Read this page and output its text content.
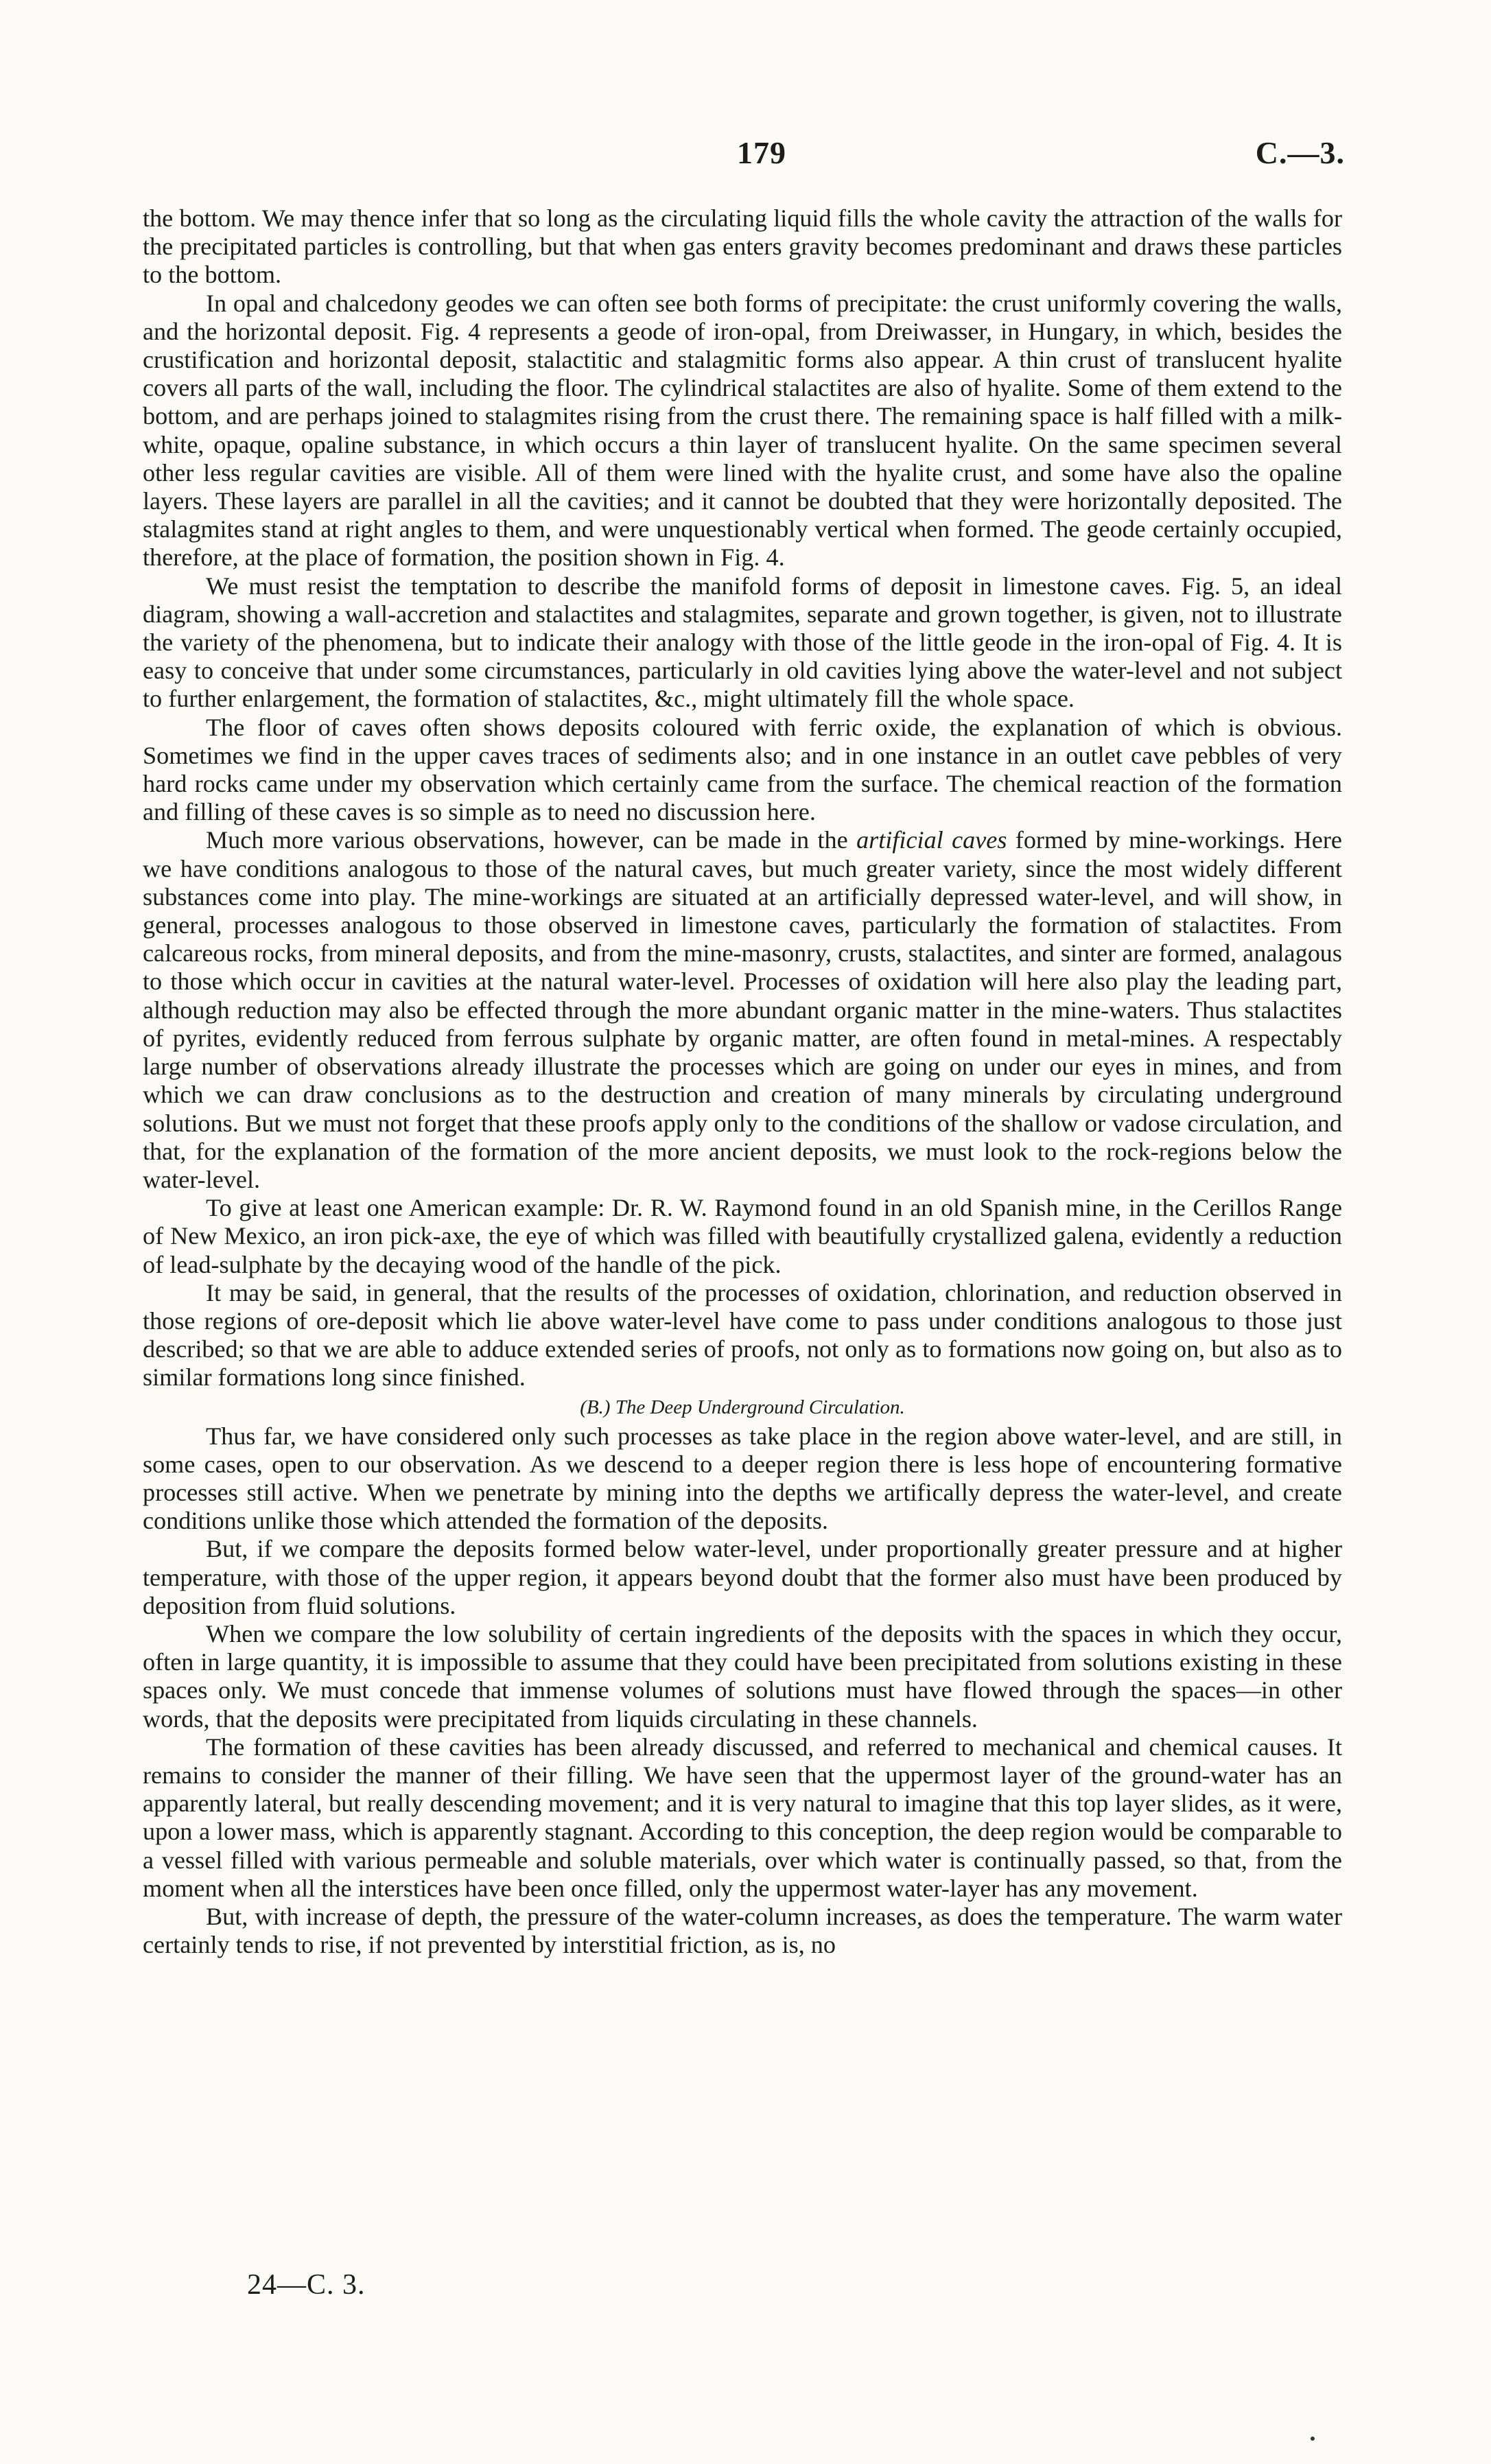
179	C.—3.

the bottom. We may thence infer that so long as the circulating liquid fills the whole cavity the attraction of the walls for the precipitated particles is controlling, but that when gas enters gravity becomes predominant and draws these particles to the bottom.

In opal and chalcedony geodes we can often see both forms of precipitate: the crust uniformly covering the walls, and the horizontal deposit. Fig. 4 represents a geode of iron-opal, from Dreiwasser, in Hungary, in which, besides the crustification and horizontal deposit, stalactitic and stalagmitic forms also appear. A thin crust of translucent hyalite covers all parts of the wall, including the floor. The cylindrical stalactites are also of hyalite. Some of them extend to the bottom, and are perhaps joined to stalagmites rising from the crust there. The remaining space is half filled with a milk-white, opaque, opaline substance, in which occurs a thin layer of translucent hyalite. On the same specimen several other less regular cavities are visible. All of them were lined with the hyalite crust, and some have also the opaline layers. These layers are parallel in all the cavities; and it cannot be doubted that they were horizontally deposited. The stalagmites stand at right angles to them, and were unquestionably vertical when formed. The geode certainly occupied, therefore, at the place of formation, the position shown in Fig. 4.

We must resist the temptation to describe the manifold forms of deposit in limestone caves. Fig. 5, an ideal diagram, showing a wall-accretion and stalactites and stalagmites, separate and grown together, is given, not to illustrate the variety of the phenomena, but to indicate their analogy with those of the little geode in the iron-opal of Fig. 4. It is easy to conceive that under some circumstances, particularly in old cavities lying above the water-level and not subject to further enlargement, the formation of stalactites, &c., might ultimately fill the whole space.

The floor of caves often shows deposits coloured with ferric oxide, the explanation of which is obvious. Sometimes we find in the upper caves traces of sediments also; and in one instance in an outlet cave pebbles of very hard rocks came under my observation which certainly came from the surface. The chemical reaction of the formation and filling of these caves is so simple as to need no discussion here.

Much more various observations, however, can be made in the artificial caves formed by mine-workings. Here we have conditions analogous to those of the natural caves, but much greater variety, since the most widely different substances come into play. The mine-workings are situated at an artificially depressed water-level, and will show, in general, processes analogous to those observed in limestone caves, particularly the formation of stalactites. From calcareous rocks, from mineral deposits, and from the mine-masonry, crusts, stalactites, and sinter are formed, analagous to those which occur in cavities at the natural water-level. Processes of oxidation will here also play the leading part, although reduction may also be effected through the more abundant organic matter in the mine-waters. Thus stalactites of pyrites, evidently reduced from ferrous sulphate by organic matter, are often found in metal-mines. A respectably large number of observations already illustrate the processes which are going on under our eyes in mines, and from which we can draw conclusions as to the destruction and creation of many minerals by circulating underground solutions. But we must not forget that these proofs apply only to the conditions of the shallow or vadose circulation, and that, for the explanation of the formation of the more ancient deposits, we must look to the rock-regions below the water-level.

To give at least one American example: Dr. R. W. Raymond found in an old Spanish mine, in the Cerillos Range of New Mexico, an iron pick-axe, the eye of which was filled with beautifully crystallized galena, evidently a reduction of lead-sulphate by the decaying wood of the handle of the pick.

It may be said, in general, that the results of the processes of oxidation, chlorination, and reduction observed in those regions of ore-deposit which lie above water-level have come to pass under conditions analogous to those just described; so that we are able to adduce extended series of proofs, not only as to formations now going on, but also as to similar formations long since finished.

(B.) The Deep Underground Circulation.

Thus far, we have considered only such processes as take place in the region above water-level, and are still, in some cases, open to our observation. As we descend to a deeper region there is less hope of encountering formative processes still active. When we penetrate by mining into the depths we artifically depress the water-level, and create conditions unlike those which attended the formation of the deposits.

But, if we compare the deposits formed below water-level, under proportionally greater pressure and at higher temperature, with those of the upper region, it appears beyond doubt that the former also must have been produced by deposition from fluid solutions.

When we compare the low solubility of certain ingredients of the deposits with the spaces in which they occur, often in large quantity, it is impossible to assume that they could have been precipitated from solutions existing in these spaces only. We must concede that immense volumes of solutions must have flowed through the spaces—in other words, that the deposits were precipitated from liquids circulating in these channels.

The formation of these cavities has been already discussed, and referred to mechanical and chemical causes. It remains to consider the manner of their filling. We have seen that the uppermost layer of the ground-water has an apparently lateral, but really descending movement; and it is very natural to imagine that this top layer slides, as it were, upon a lower mass, which is apparently stagnant. According to this conception, the deep region would be comparable to a vessel filled with various permeable and soluble materials, over which water is continually passed, so that, from the moment when all the interstices have been once filled, only the uppermost water-layer has any movement.

But, with increase of depth, the pressure of the water-column increases, as does the temperature. The warm water certainly tends to rise, if not prevented by interstitial friction, as is, no

24—C. 3.
